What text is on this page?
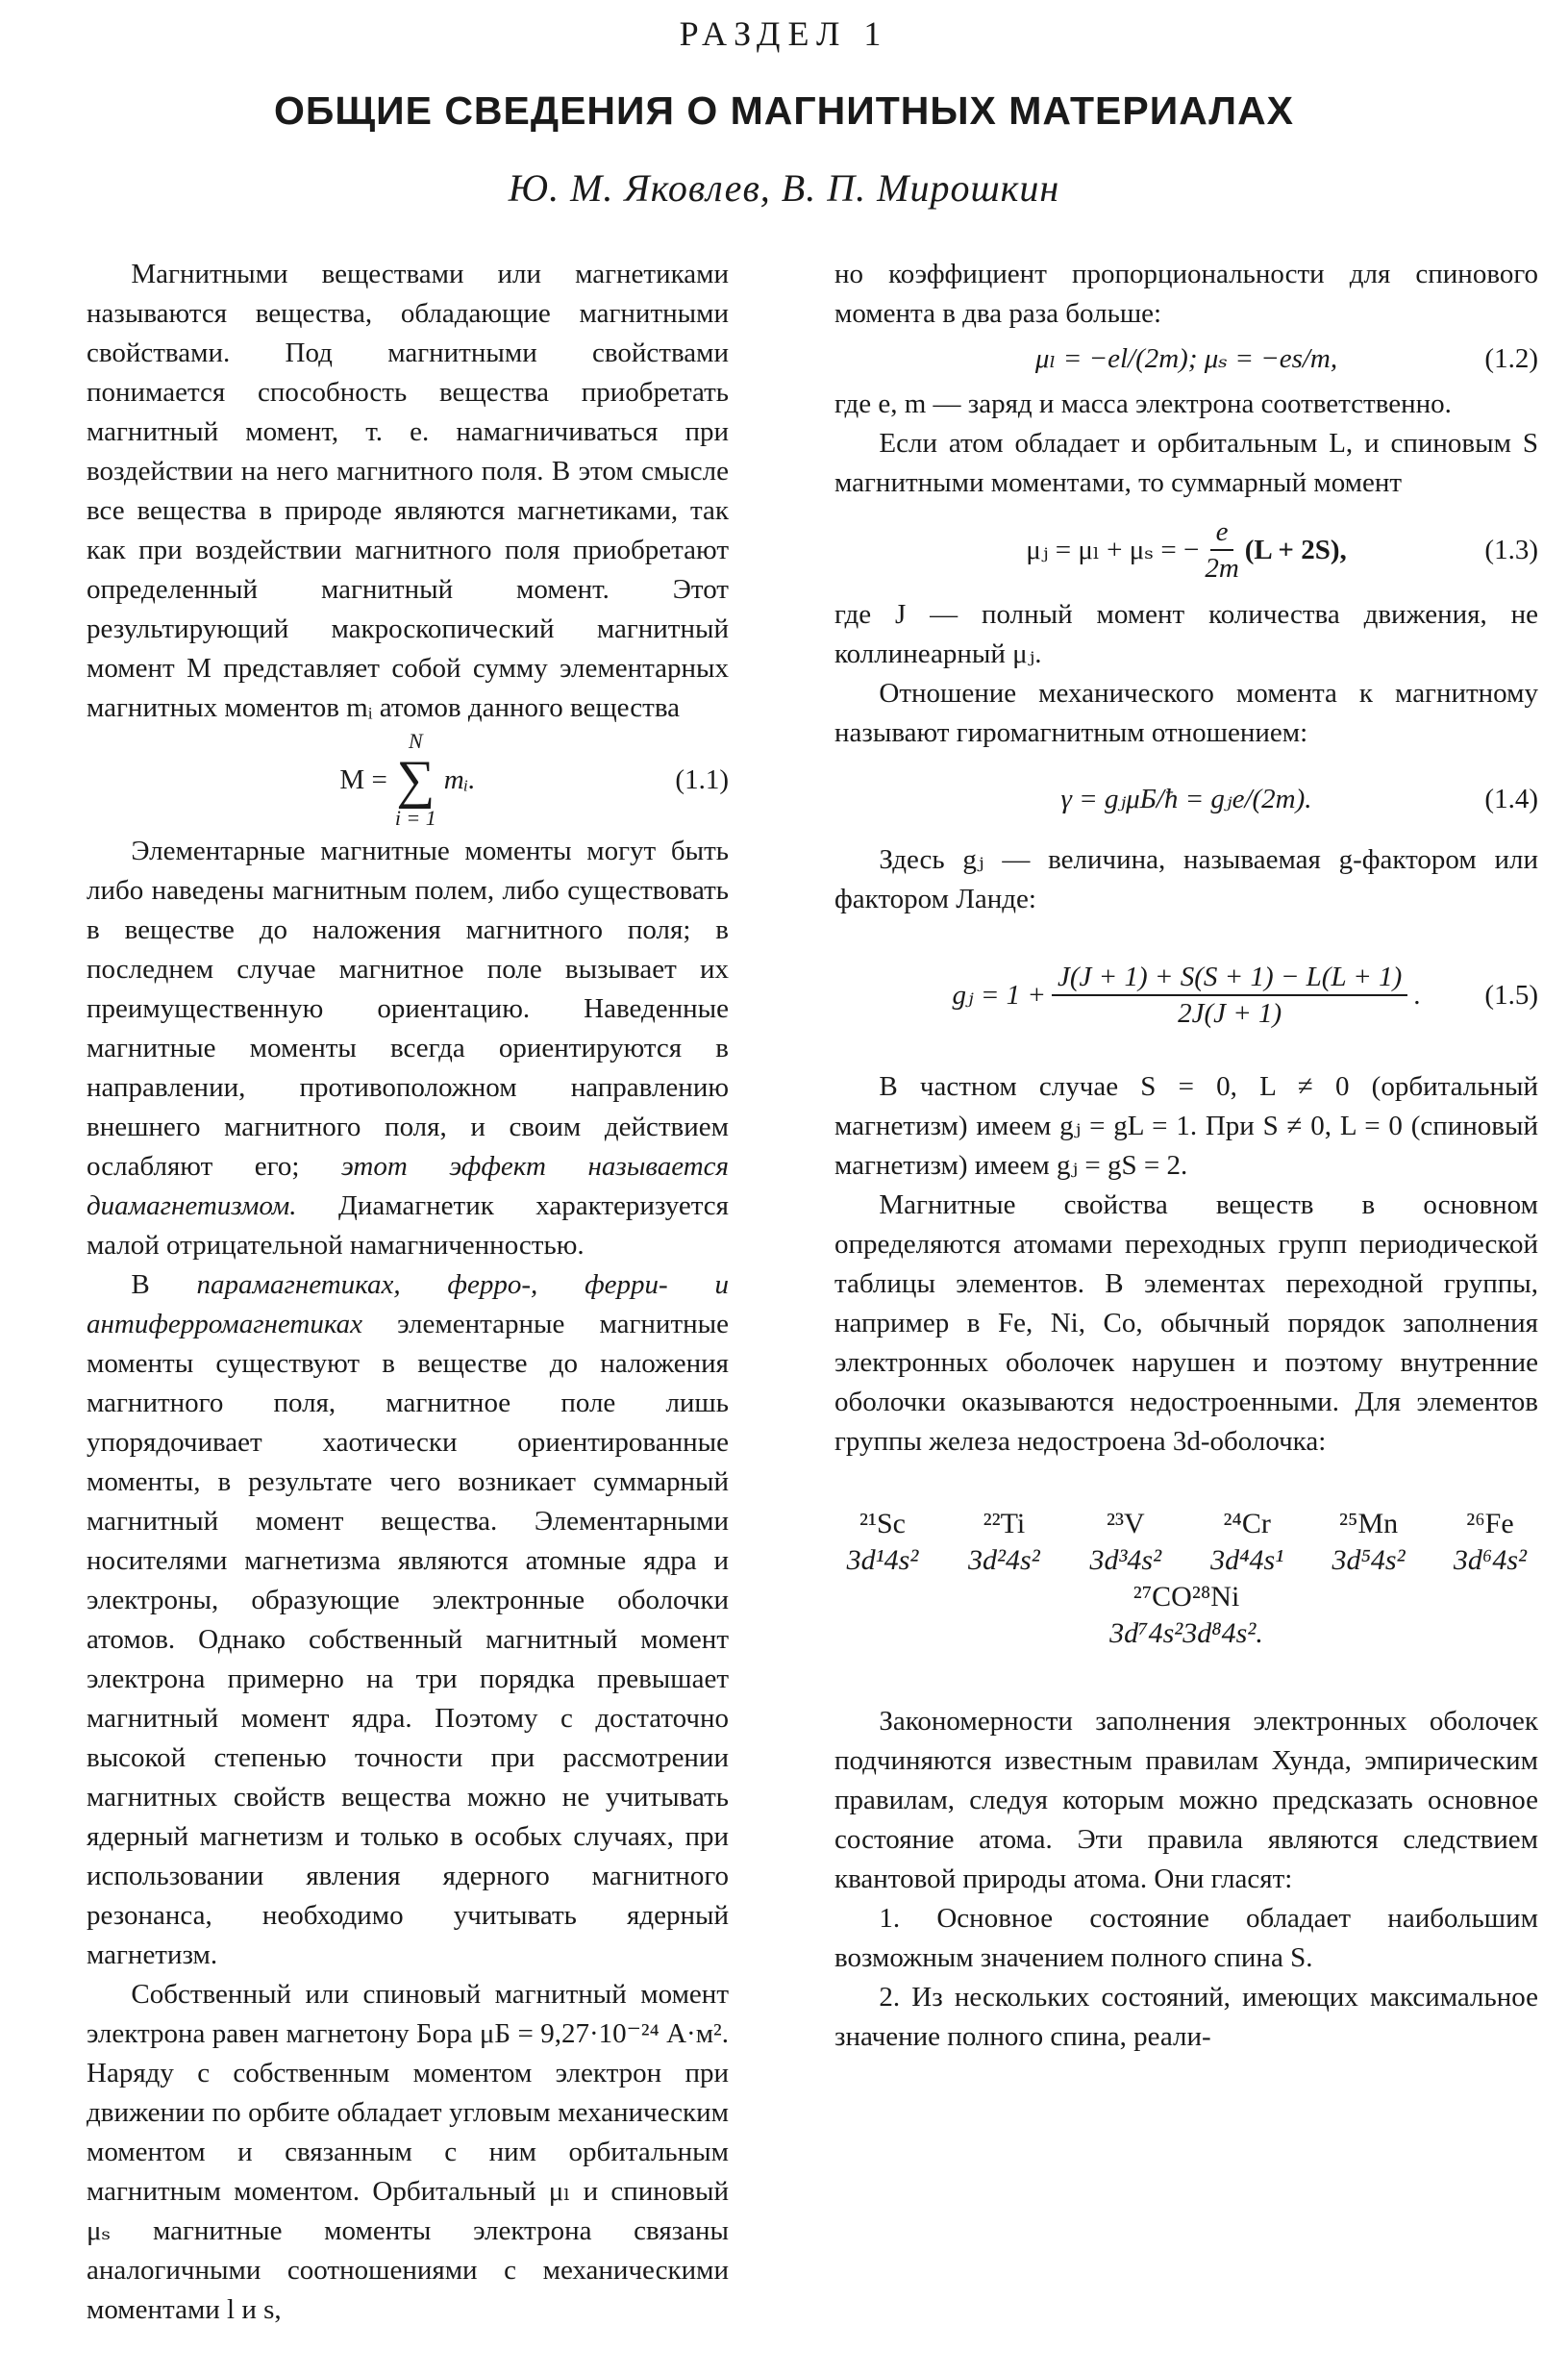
РАЗДЕЛ 1
ОБЩИЕ СВЕДЕНИЯ О МАГНИТНЫХ МАТЕРИАЛАХ
Ю. М. Яковлев, В. П. Мирошкин

Магнитными веществами или магнетиками называются вещества, обладающие магнитными свойствами. Под магнитными свойствами понимается способность вещества приобретать магнитный момент, т. е. намагничиваться при воздействии на него магнитного поля. В этом смысле все вещества в природе являются магнетиками, так как при воздействии магнитного поля приобретают определенный магнитный момент. Этот результирующий макроскопический магнитный момент M представляет собой сумму элементарных магнитных моментов mᵢ атомов данного вещества

M =
N
∑
i = 1
mᵢ.	(1.1)

Элементарные магнитные моменты могут быть либо наведены магнитным полем, либо существовать в веществе до наложения магнитного поля; в последнем случае магнитное поле вызывает их преимущественную ориентацию. Наведенные магнитные моменты всегда ориентируются в направлении, противоположном направлению внешнего магнитного поля, и своим действием ослабляют его; этот эффект называется диамагнетизмом. Диамагнетик характеризуется малой отрицательной намагниченностью.

В парамагнетиках, ферро-, ферри- и антиферромагнетиках элементарные магнитные моменты существуют в веществе до наложения магнитного поля, магнитное поле лишь упорядочивает хаотически ориентированные моменты, в результате чего возникает суммарный магнитный момент вещества. Элементарными носителями магнетизма являются атомные ядра и электроны, образующие электронные оболочки атомов. Однако собственный магнитный момент электрона примерно на три порядка превышает магнитный момент ядра. Поэтому с достаточно высокой степенью точности при рассмотрении магнитных свойств вещества можно не учитывать ядерный магнетизм и только в особых случаях, при использовании явления ядерного магнитного резонанса, необходимо учитывать ядерный магнетизм.

Собственный или спиновый магнитный момент электрона равен магнетону Бора μБ = 9,27·10⁻²⁴ А·м². Наряду с собственным моментом электрон при движении по орбите обладает угловым механическим моментом и связанным с ним орбитальным магнитным моментом. Орбитальный μₗ и спиновый μₛ магнитные моменты электрона связаны аналогичными соотношениями с механическими моментами l и s,

но коэффициент пропорциональности для спинового момента в два раза больше:

μₗ = −el/(2m); μₛ = −es/m,	(1.2)

где e, m — заряд и масса электрона соответственно.

Если атом обладает и орбитальным L, и спиновым S магнитными моментами, то суммарный момент

μⱼ = μₗ + μₛ = − $\frac{e}{2m} (L + 2S)$,	(1.3)

где J — полный момент количества движения, не коллинеарный μⱼ.

Отношение механического момента к магнитному называют гиромагнитным отношением:

γ = gⱼμБ/ħ = gⱼe/(2m).	(1.4)

Здесь gⱼ — величина, называемая g-фактором или фактором Ланде:

gⱼ = $1 + \frac{J(J + 1) + S(S + 1) - L(L + 1)}{2J(J + 1)}$ . (1.5)

В частном случае S = 0, L ≠ 0 (орбитальный магнетизм) имеем gⱼ = gL = 1. При S ≠ 0, L = 0 (спиновый магнетизм) имеем gⱼ = gS = 2.

Магнитные свойства веществ в основном определяются атомами переходных групп периодической таблицы элементов. В элементах переходной группы, например в Fe, Ni, Co, обычный порядок заполнения электронных оболочек нарушен и поэтому внутренние оболочки оказываются недостроенными. Для элементов группы железа недостроена 3d-оболочка:

²¹Sc	²²Ti	²³V	²⁴Cr	²⁵Mn	²⁶Fe
3d¹4s²	3d²4s²	3d³4s²	3d⁴4s¹	3d⁵4s²	3d⁶4s²
²⁷CO²⁸Ni
3d⁷4s²3d⁸4s².

Закономерности заполнения электронных оболочек подчиняются известным правилам Хунда, эмпирическим правилам, следуя которым можно предсказать основное состояние атома. Эти правила являются следствием квантовой природы атома. Они гласят:

1. Основное состояние обладает наибольшим возможным значением полного спина S.

2. Из нескольких состояний, имеющих максимальное значение полного спина, реали-
